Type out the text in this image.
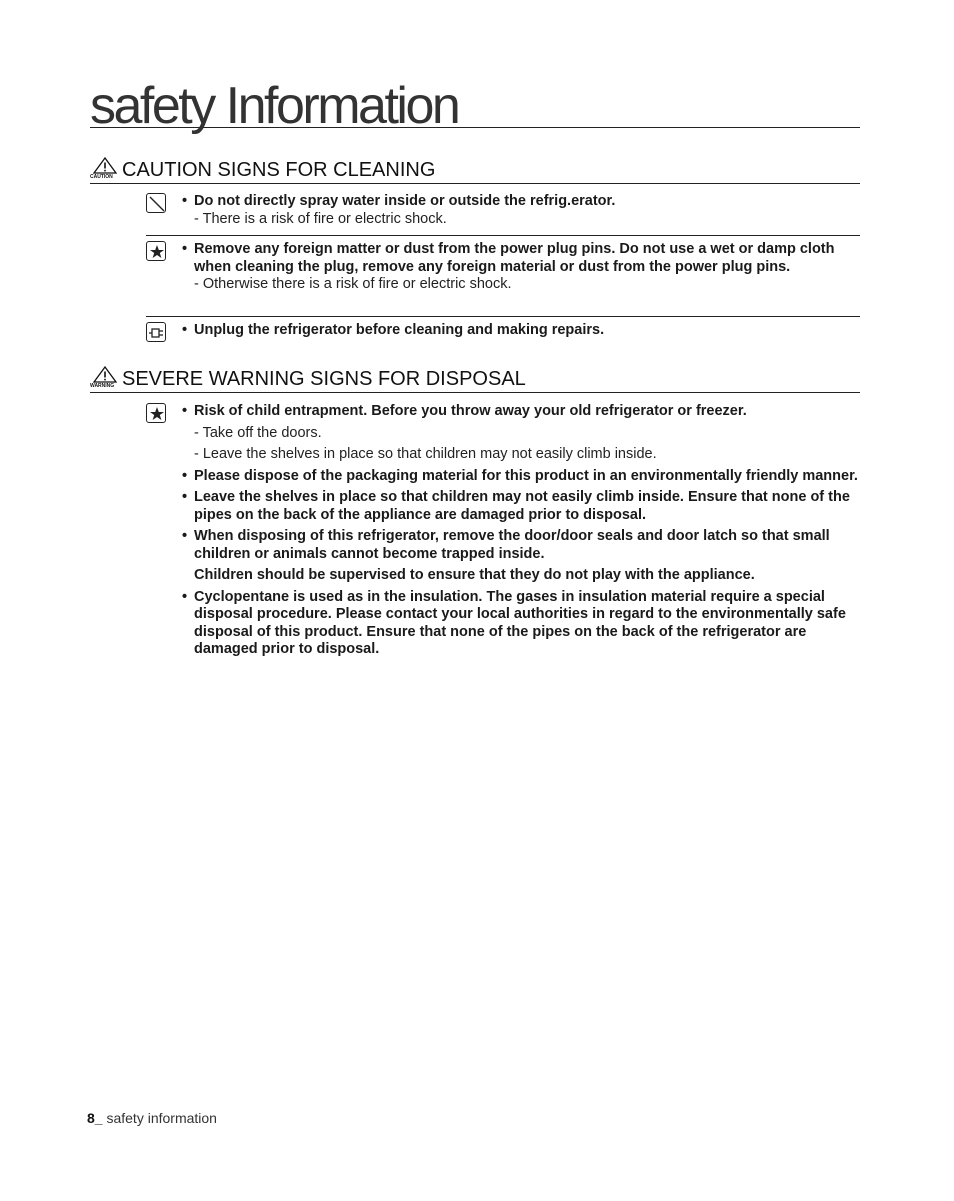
safety Information
CAUTION CAUTION SIGNS FOR CLEANING
• Do not directly spray water inside or outside the refrig.erator.
- There is a risk of fire or electric shock.
• Remove any foreign matter or dust from the power plug pins. Do not use a wet or damp cloth when cleaning the plug, remove any foreign material or dust from the power plug pins.
- Otherwise there is a risk of fire or electric shock.
• Unplug the refrigerator before cleaning and making repairs.
WARNING SEVERE WARNING SIGNS FOR DISPOSAL
• Risk of child entrapment. Before you throw away your old refrigerator or freezer.
- Take off the doors.
- Leave the shelves in place so that children may not easily climb inside.
• Please dispose of the packaging material for this product in an environmentally friendly manner.
• Leave the shelves in place so that children may not easily climb inside. Ensure that none of the pipes on the back of the appliance are damaged prior to disposal.
• When disposing of this refrigerator, remove the door/door seals and door latch so that small children or animals cannot become trapped inside.
Children should be supervised to ensure that they do not play with the appliance.
• Cyclopentane is used as in the insulation. The gases in insulation material require a special disposal procedure. Please contact your local authorities in regard to the environmentally safe disposal of this product. Ensure that none of the pipes on the back of the refrigerator are damaged prior to disposal.
8_ safety information
